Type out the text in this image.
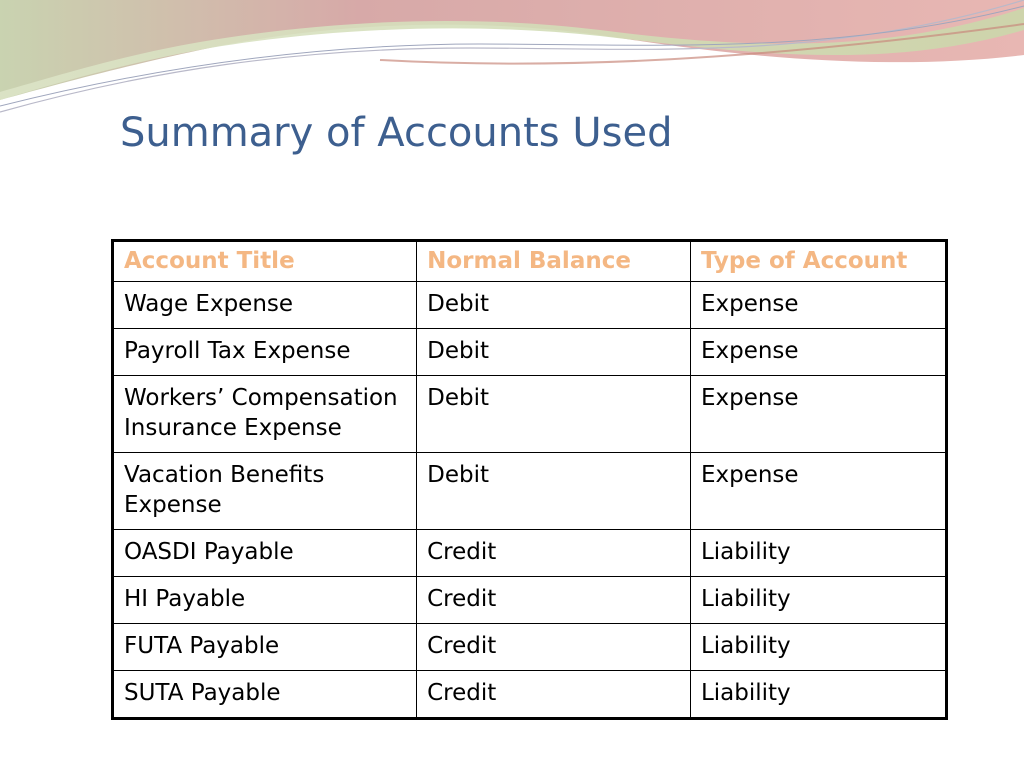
Summary of Accounts Used
Account Title	Normal Balance	Type of Account
Wage Expense	Debit	Expense
Payroll Tax Expense	Debit	Expense
Workers’ Compensation Insurance Expense	Debit	Expense
Vacation Benefits Expense	Debit	Expense
OASDI Payable	Credit	Liability
HI Payable	Credit	Liability
FUTA Payable	Credit	Liability
SUTA Payable	Credit	Liability
